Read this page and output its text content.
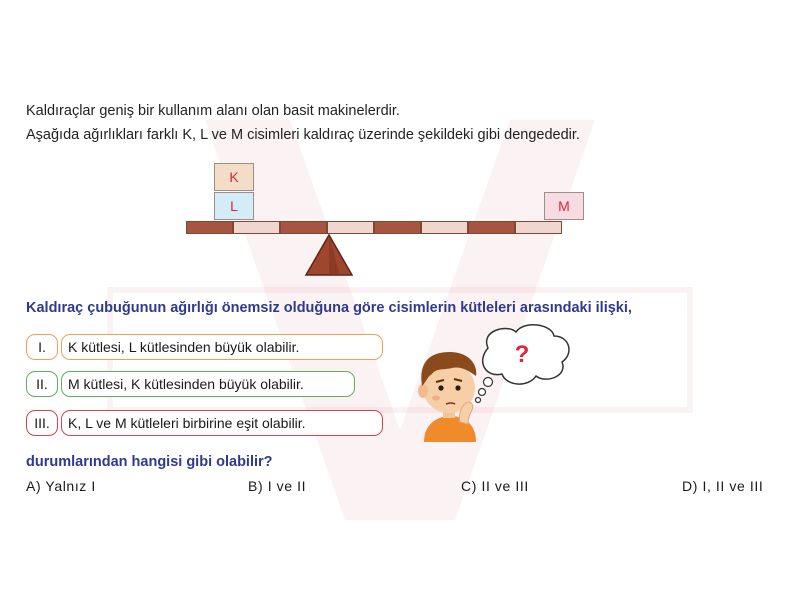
Kaldıraçlar geniş bir kullanım alanı olan basit makinelerdir.
Aşağıda ağırlıkları farklı K, L ve M cisimleri kaldıraç üzerinde şekildeki gibi dengededir.
K
L	M
Kaldıraç çubuğunun ağırlığı önemsiz olduğuna göre cisimlerin kütleleri arasındaki ilişki,
I.	K kütlesi, L kütlesinden büyük olabilir.
II.	M kütlesi, K kütlesinden büyük olabilir.
III.	K, L ve M kütleleri birbirine eşit olabilir.
?
durumlarından hangisi gibi olabilir?
A) Yalnız I	B) I ve II	C) II ve III	D) I, II ve III
